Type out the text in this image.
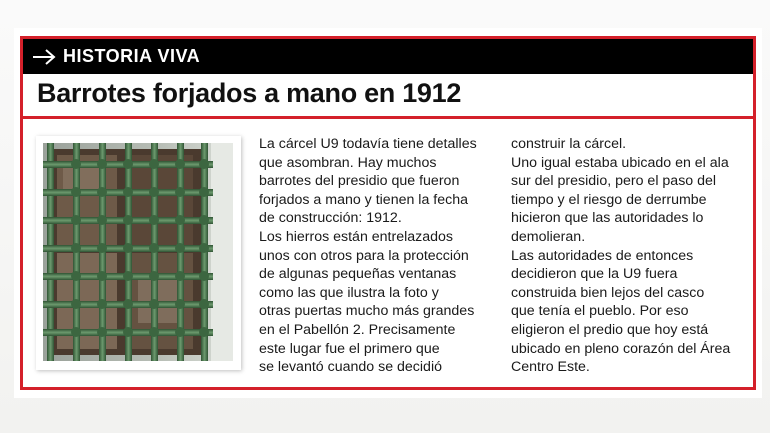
HISTORIA VIVA
Barrotes forjados a mano en 1912
La cárcel U9 todavía tiene detalles
que asombran. Hay muchos
barrotes del presidio que fueron
forjados a mano y tienen la fecha
de construcción: 1912.
Los hierros están entrelazados
unos con otros para la protección
de algunas pequeñas ventanas
como las que ilustra la foto y
otras puertas mucho más grandes
en el Pabellón 2. Precisamente
este lugar fue el primero que
se levantó cuando se decidió
construir la cárcel.
Uno igual estaba ubicado en el ala
sur del presidio, pero el paso del
tiempo y el riesgo de derrumbe
hicieron que las autoridades lo
demolieran.
Las autoridades de entonces
decidieron que la U9 fuera
construida bien lejos del casco
que tenía el pueblo. Por eso
eligieron el predio que hoy está
ubicado en pleno corazón del Área
Centro Este.
